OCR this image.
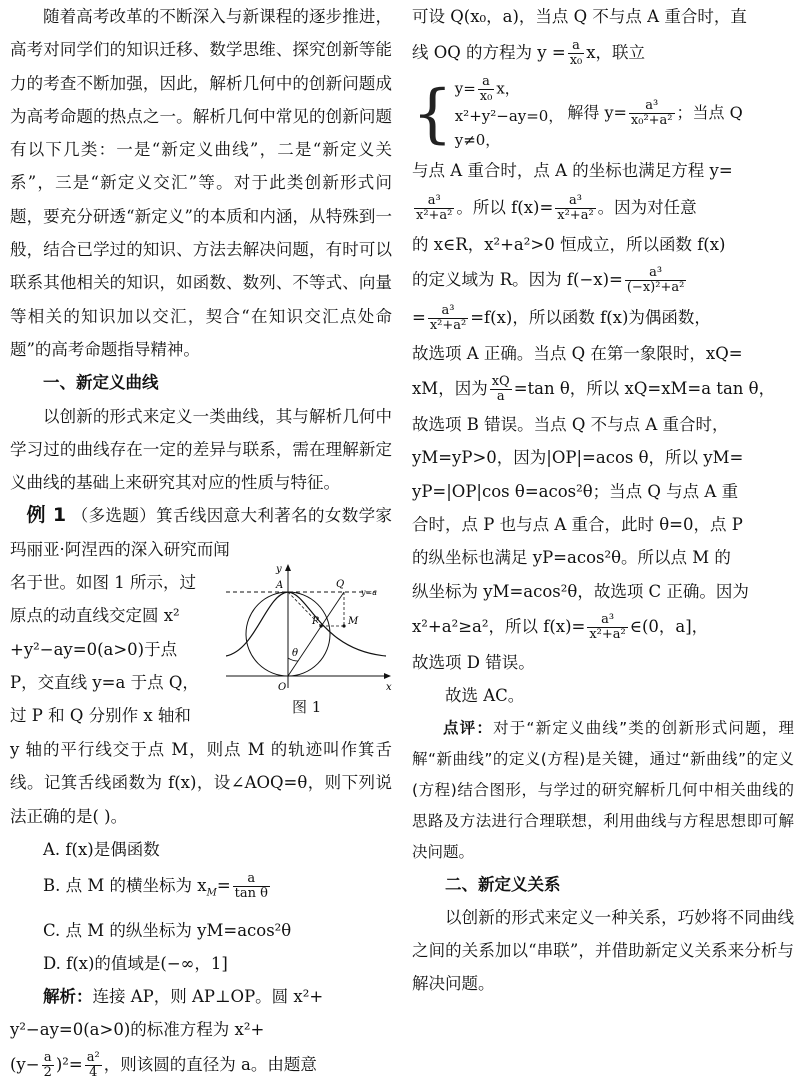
随着高考改革的不断深入与新课程的逐步推进，高考对同学们的知识迁移、数学思维、探究创新等能力的考查不断加强，因此，解析几何中的创新问题成为高考命题的热点之一。解析几何中常见的创新问题有以下几类：一是“新定义曲线”，二是“新定义关系”，三是“新定义交汇”等。对于此类创新形式问题，要充分研透“新定义”的本质和内涵，从特殊到一般，结合已学过的知识、方法去解决问题，有时可以联系其他相关的知识，如函数、数列、不等式、向量等相关的知识加以交汇，契合“在知识交汇点处命题”的高考命题指导精神。

一、新定义曲线

以创新的形式来定义一类曲线，其与解析几何中学习过的曲线存在一定的差异与联系，需在理解新定义曲线的基础上来研究其对应的性质与特征。

例 1 （多选题）箕舌线因意大利著名的女数学家玛丽亚·阿涅西的深入研究而闻

名于世。如图 1 所示，过

原点的动直线交定圆 x²

+y²−ay=0(a>0)于点

P，交直线 y=a 于点 Q，

过 P 和 Q 分别作 x 轴和

y
x
O
A	Q
M
P
θ
y=a
图 1

y 轴的平行线交于点 M，则点 M 的轨迹叫作箕舌线。记箕舌线函数为 f(x)，设∠AOQ=θ，则下列说法正确的是( )。

A. f(x)是偶函数

B. 点 M 的横坐标为 $x_M= \frac{a}{\text{tan θ}}$

C. 点 M 的纵坐标为 yM=acos²θ

D. f(x)的值域是(−∞，1]

解析：连接 AP，则 AP⊥OP。圆 x²+

y²−ay=0(a>0)的标准方程为 x²+

$(y- \frac{a}{2} )^2= \frac{\text{a²}}{4}$ ，则该圆的直径为 a。由题意

可设 Q(x₀，a)，当点 Q 不与点 A 重合时，直

线 OQ 的方程为 $y = \frac{a}{\text{x₀}}$ x，联立

{ $y= \frac{a}{\text{x₀}}$ x，
x²+y²−ay=0，
y≠0，
解得 $y= \frac{\text{a³}}{\text{x₀²+a²}}$ ；当点 Q

与点 A 重合时，点 A 的坐标也满足方程 y=

$\frac{\text{a³}}{\text{x²+a²}}$ 。所以 $f(x)= \frac{\text{a³}}{\text{x²+a²}}$ 。因为对任意

的 x∈R，x²+a²>0 恒成立，所以函数 f(x)

的定义域为 R。因为 $f(-x)= \frac{\text{a³}}{\text{(−x)²+a²}}$

= $\frac{\text{a³}}{\text{x²+a²}} =f(x)$，所以函数 f(x)为偶函数，

故选项 A 正确。当点 Q 在第一象限时，xQ=

xM，因为 $\frac{xQ}{a} =\tan$ θ，所以 xQ=xM=a tan θ，

故选项 B 错误。当点 Q 不与点 A 重合时，

yM=yP>0，因为|OP|=acos θ，所以 yM=

yP=|OP|cos θ=acos²θ；当点 Q 与点 A 重

合时，点 P 也与点 A 重合，此时 θ=0，点 P

的纵坐标也满足 yP=acos²θ。所以点 M 的

纵坐标为 yM=acos²θ，故选项 C 正确。因为

x²+a²≥a²，所以 $f(x)= \frac{\text{a³}}{\text{x²+a²}}$ ∈(0，a]，

故选项 D 错误。

故选 AC。

点评：对于“新定义曲线”类的创新形式问题，理解“新曲线”的定义(方程)是关键，通过“新曲线”的定义(方程)结合图形，与学过的研究解析几何中相关曲线的思路及方法进行合理联想，利用曲线与方程思想即可解决问题。

二、新定义关系

以创新的形式来定义一种关系，巧妙将不同曲线之间的关系加以“串联”，并借助新定义关系来分析与解决问题。
